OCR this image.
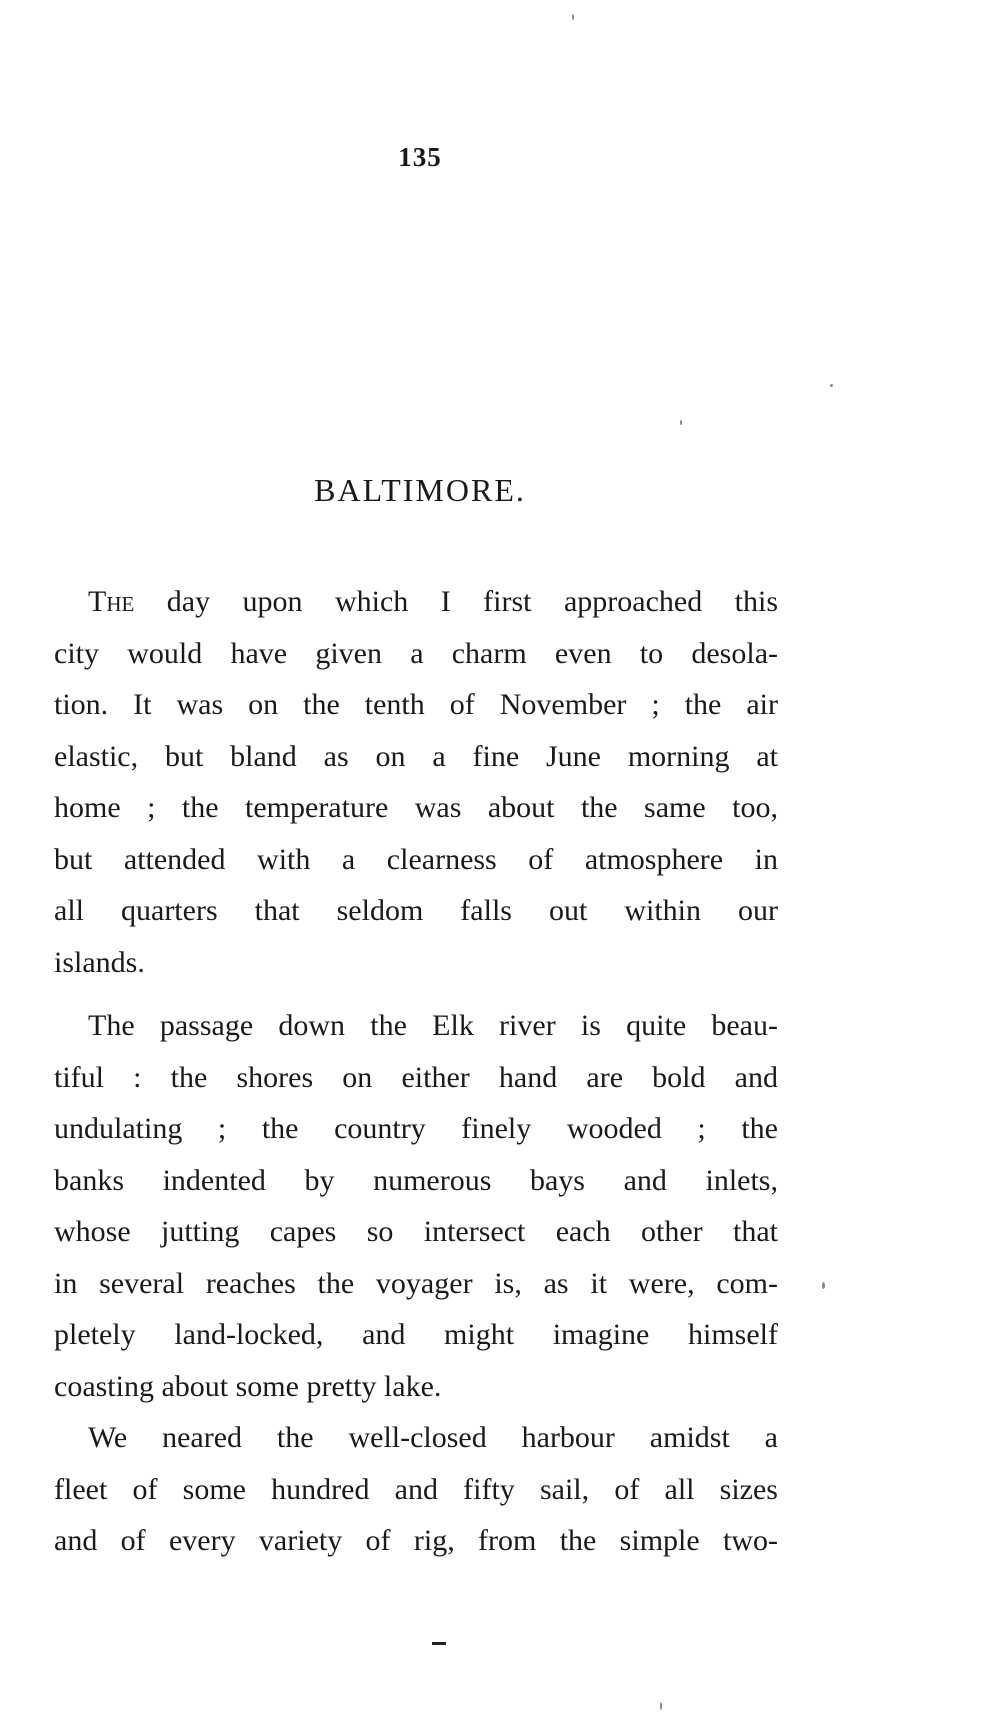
135
BALTIMORE.
The day upon which I first approached this
city would have given a charm even to desola-
tion. It was on the tenth of November ; the air
elastic, but bland as on a fine June morning at
home ; the temperature was about the same too,
but attended with a clearness of atmosphere in
all quarters that seldom falls out within our
islands.
The passage down the Elk river is quite beau-
tiful : the shores on either hand are bold and
undulating ; the country finely wooded ; the
banks indented by numerous bays and inlets,
whose jutting capes so intersect each other that
in several reaches the voyager is, as it were, com-
pletely land-locked, and might imagine himself
coasting about some pretty lake.
We neared the well-closed harbour amidst a
fleet of some hundred and fifty sail, of all sizes
and of every variety of rig, from the simple two-
